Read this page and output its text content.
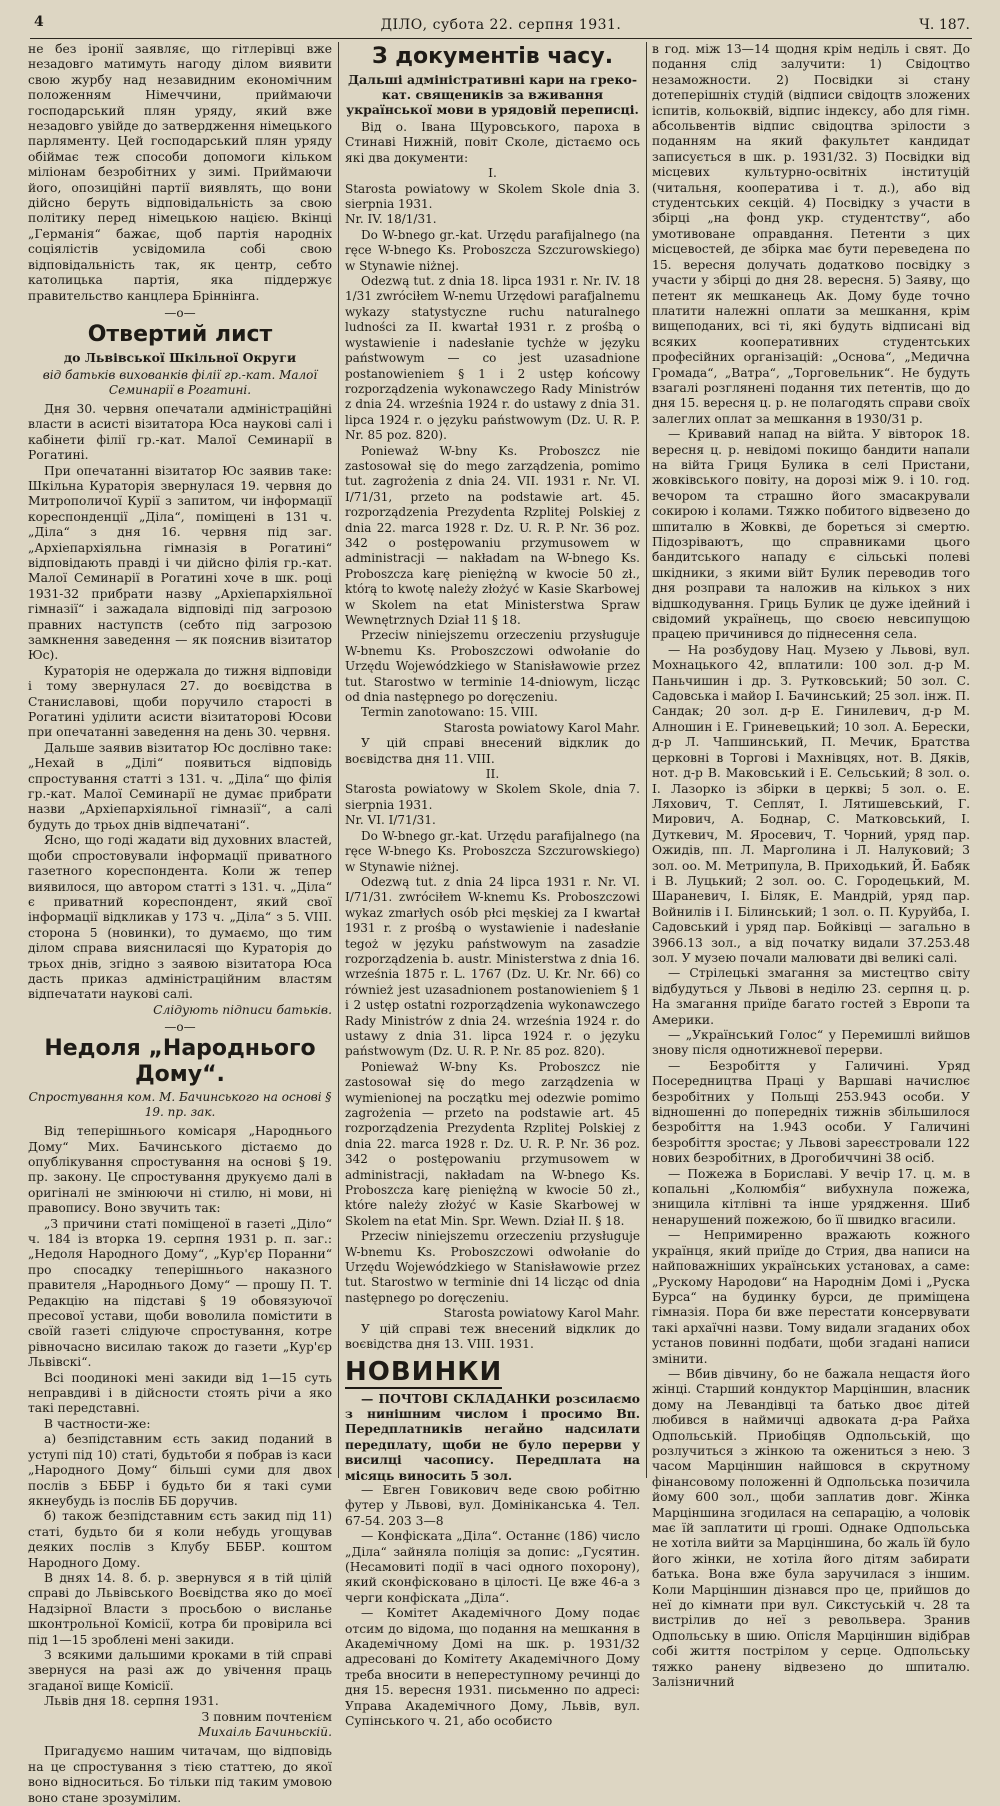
4	ДІЛО, субота 22. серпня 1931.	Ч. 187.

не без іронії заявляє, що гітлерівці вже незадовго матимуть нагоду ділом виявити свою журбу над незавидним економічним положенням Німеччини, приймаючи господарський плян уряду, який вже незадовго увійде до затвердження німецького парляменту. Цей господарський плян уряду обіймає теж способи допомоги кільком міліонам безробітних у зимі. Приймаючи його, опозиційні партії виявлять, що вони дійсно беруть відповідальність за свою політику перед німецькою нацією. Вкінці „Германія“ бажає, щоб партія народніх соціялістів усвідомила собі свою відповідальність так, як центр, себто католицька партія, яка піддержує правительство канцлера Бріннінга.

—о—
Отвертий лист
до Львівської Шкільної Округи
від батьків вихованків філії гр.-кат. Малої Семинарії в Рогатині.

Дня 30. червня опечатали адміністраційні власти в асисті візитатора Юса наукові салі і кабінети філії гр.-кат. Малої Семинарії в Рогатині.

При опечатанні візитатор Юс заявив таке: Шкільна Кураторія звернулася 19. червня до Митрополичої Курії з запитом, чи інформації кореспонденції „Діла“, поміщені в 131 ч. „Діла“ з дня 16. червня під заг. „Архіепархіяльна гімназія в Рогатині“ відповідають правді і чи дійсно філія гр.-кат. Малої Семинарії в Рогатині хоче в шк. році 1931-32 прибрати назву „Архіепархіяльної гімназії“ і зажадала відповіді під загрозою правних наступств (себто під загрозою замкнення заведення — як пояснив візитатор Юс).

Кураторія не одержала до тижня відповіди і тому звернулася 27. до воєвідства в Станиславові, щоби поручило старості в Рогатині уділити асисти візитаторові Юсови при опечатанні заведення на день 30. червня.

Дальше заявив візитатор Юс дослівно таке: „Нехай в „Ділі“ появиться відповідь спростування статті з 131. ч. „Діла“ що філія гр.-кат. Малої Семинарії не думає прибрати назви „Архіепархіяльної гімназії“, а салі будуть до трьох днів відпечатані“.

Ясно, що годі жадати від духовних властей, щоби спростовували інформації приватного газетного кореспондента. Коли ж тепер виявилося, що автором статті з 131. ч. „Діла“ є приватний кореспондент, який свої інформації відкликав у 173 ч. „Діла“ з 5. VIII. сторона 5 (новинки), то думаємо, що тим ділом справа виясниласяі що Кураторія до трьох днів, згідно з заявою візитатора Юса дасть приказ адміністраційним властям відпечатати наукові салі.

Слідують підписи батьків.

—о—
Недоля „Народнього Дому“.
Спростування ком. М. Бачинського на основі § 19. пр. зак.

Від теперішнього комісаря „Народнього Дому“ Мих. Бачинського дістаємо до опублікування спростування на основі § 19. пр. закону. Це спростування друкуємо далі в оригіналі не змінюючи ні стилю, ні мови, ні правопису. Воно звучить так:

„З причини статі поміщеної в газеті „Діло“ ч. 184 із вторка 19. серпня 1931 р. п. заг.: „Недоля Народного Дому“, „Кур'єр Поранни“ про спосадку теперішнього наказного правителя „Народнього Дому“ — прошу П. Т. Редакцію на підставі § 19 обовязуючої пресової устави, щоби воволила помістити в своїй газеті слідуюче спростування, котре рівночасно висилаю також до газети „Кур'єр Львівскі“.

Всі поодинокі мені закиди від 1—15 суть неправдиві і в дійсности стоять річи а яко такі передставні.

В частности-же:

а) безпідставним єсть закид поданий в уступі під 10) статі, будьтоби я побрав із каси „Народного Дому“ більші суми для двох послів з БББР і будьто би я такі суми якнеубудь із послів ББ доручив.

б) також безпідставним єсть закид під 11) статі, будьто би я коли небудь угощував деяких послів з Клубу БББР. коштом Народного Дому.

В днях 14. 8. б. р. звернувся я в тій цілій справі до Львівського Воєвідства яко до моєї Надзірної Власти з просьбою о висланье шконтрольної Комісії, котра би провірила всі під 1—15 зроблені мені закиди.

З всякими дальшими кроками в тій справі звернуся на разі аж до увічення праць згаданої вище Комісії.

Львів дня 18. серпня 1931.

З повним почтенієм

Михаіль Бачиньскій.

Пригадуємо нашим читачам, що відповідь на це спростування з тією статтею, до якої воно відноситься. Бо тільки під таким умовою воно стане зрозумілим.

З документів часу.
Дальші адміністративні кари на греко-кат. священиків за вживання української мови в урядовій переписці.

Від о. Івана Щуровського, пароха в Стинаві Нижній, повіт Сколе, дістаємо ось які два документи:

I.

Starosta powiatowy w Skolem Skole dnia 3. sierpnia 1931.

Nr. IV. 18/1/31.

Do W-bnego gr.-kat. Urzędu parafijalnego (na ręce W-bnego Ks. Proboszcza Szczurowskiego) w Stynawie niżnej.

Odezwą tut. z dnia 18. lipca 1931 r. Nr. IV. 18 1/31 zwróciłem W-nemu Urzędowi parafjalnemu wykazy statystyczne ruchu naturalnego ludności za II. kwartał 1931 r. z prośbą o wystawienie i nadesłanie tychże w języku państwowym — co jest uzasadnione postanowieniem § 1 i 2 ustęp końcowy rozporządzenia wykonawczego Rady Ministrów z dnia 24. września 1924 r. do ustawy z dnia 31. lipca 1924 r. o języku państwowym (Dz. U. R. P. Nr. 85 poz. 820).

Ponieważ W-bny Ks. Proboszcz nie zastosował się do mego zarządzenia, pomimo tut. zagrożenia z dnia 24. VII. 1931 r. Nr. VI. I/71/31, przeto na podstawie art. 45. rozporządzenia Prezydenta Rzplitej Polskiej z dnia 22. marca 1928 r. Dz. U. R. P. Nr. 36 poz. 342 o postępowaniu przymusowem w administracji — nakładam na W-bnego Ks. Proboszcza karę pieniężną w kwocie 50 zł., którą to kwotę należy złożyć w Kasie Skarbowej w Skolem na etat Ministerstwa Spraw Wewnętrznych Dział 11 § 18.

Przeciw niniejszemu orzeczeniu przysługuje W-bnemu Ks. Proboszczowi odwołanie do Urzędu Wojewódzkiego w Stanisławowie przez tut. Starostwo w terminie 14-dniowym, licząc od dnia następnego po doręczeniu.

Termin zanotowano: 15. VIII.

Starosta powiatowy Karol Mahr.

У цій справі внесений відклик до воєвідства дня 11. VIII.

II.

Starosta powiatowy w Skolem Skole, dnia 7. sierpnia 1931.

Nr. VI. I/71/31.

Do W-bnego gr.-kat. Urzędu parafijalnego (na ręce W-bnego Ks. Proboszcza Szczurowskiego) w Stynawie niżnej.

Odezwą tut. z dnia 24 lipca 1931 r. Nr. VI. I/71/31. zwróciłem W-knemu Ks. Proboszczowi wykaz zmarłych osób płci męskiej za I kwartał 1931 r. z prośbą o wystawienie i nadesłanie tegoż w języku państwowym na zasadzie rozporządzenia b. austr. Ministerstwa z dnia 16. września 1875 r. L. 1767 (Dz. U. Kr. Nr. 66) co również jest uzasadnionem postanowieniem § 1 i 2 ustęp ostatni rozporządzenia wykonawczego Rady Ministrów z dnia 24. września 1924 r. do ustawy z dnia 31. lipca 1924 r. o języku państwowym (Dz. U. R. P. Nr. 85 poz. 820).

Ponieważ W-bny Ks. Proboszcz nie zastosował się do mego zarządzenia w wymienionej na początku mej odezwie pomimo zagrożenia — przeto na podstawie art. 45 rozporządzenia Prezydenta Rzplitej Polskiej z dnia 22. marca 1928 r. Dz. U. R. P. Nr. 36 poz. 342 o postępowaniu przymusowem w administracji, nakładam na W-bnego Ks. Proboszcza karę pieniężną w kwocie 50 zł., które należy złożyć w Kasie Skarbowej w Skolem na etat Min. Spr. Wewn. Dział II. § 18.

Przeciw niniejszemu orzeczeniu przysługuje W-bnemu Ks. Proboszczowi odwołanie do Urzędu Wojewódzkiego w Stanisławowie przez tut. Starostwo w terminie dni 14 licząc od dnia następnego po doręczeniu.

Starosta powiatowy Karol Mahr.

У цій справі теж внесений відклик до воєвідства дня 13. VIII. 1931.

НОВИНКИ

— ПОЧТОВІ СКЛАДАНКИ розсилаємо з нинішним числом і просимо Вп. Передплатників негайно надсилати передплату, щоби не було перерви у висилці часопису. Передплата на місяць виносить 5 зол.

— Евген Говикович веде свою робітню футер у Львові, вул. Домініканська 4. Тел. 67-54. 203 3—8

— Конфіската „Діла“. Останнє (186) число „Діла“ зайняла поліція за допис: „Гусятин. (Несамовиті події в часі одного похорону), який сконфісковано в цілості. Це вже 46-а з черги конфіската „Діла“.

— Комітет Академічного Дому подає отсим до відома, що подання на мешкання в Академічному Домі на шк. р. 1931/32 адресовані до Комітету Академічного Дому треба вносити в непереступному речинці до дня 15. вересня 1931. письменно по адресі: Управа Академічного Дому, Львів, вул. Супінського ч. 21, або особисто

в год. між 13—14 щодня крім неділь і свят. До подання слід залучити: 1) Свідоцтво незаможности. 2) Посвідки зі стану дотеперішніх студій (відписи свідоцтв зложених іспитів, кольоквій, відпис індексу, або для гімн. абсольвентів відпис свідоцтва зрілости з поданням на який факультет кандидат записується в шк. р. 1931/32. 3) Посвідки від місцевих культурно-освітніх інституцій (читальня, кооператива і т. д.), або від студентських секцій. 4) Посвідку з участи в збірці „на фонд укр. студентству“, або умотивоване оправдання. Петенти з цих місцевостей, де збірка має бути переведена по 15. вересня долучать додатково посвідку з участи у збірці до дня 28. вересня. 5) Заяву, що петент як мешканець Ак. Дому буде точно платити належні оплати за мешкання, крім вищеподаних, всі ті, які будуть відписані від всяких кооперативних студентських професійних організацій: „Основа“, „Медична Громада“, „Ватра“, „Торговельник“. Не будуть взагалі розглянені подання тих петентів, що до дня 15. вересня ц. р. не полагодять справи своїх залеглих оплат за мешкання в 1930/31 р.

— Кривавий напад на війта. У вівторок 18. вересня ц. р. невідомі покищо бандити напали на війта Гриця Булика в селі Пристани, жовківського повіту, на дорозі між 9. і 10. год. вечором та страшно його змасакрували сокирою і колами. Тяжко побитого відвезено до шпиталю в Жовкві, де бореться зі смертю. Підозріваютъ, що справниками цього бандитського нападу є сільські полеві шкідники, з якими війт Булик переводив того дня розправи та наложив на кількох з них відшкодування. Гриць Булик це дуже ідейний і свідомий українець, що своєю невсипущою працею причинився до піднесення села.

— На розбудову Нац. Музею у Львові, вул. Мохнацького 42, вплатили: 100 зол. д-р М. Паньчишин і др. З. Рутковський; 50 зол. С. Садовська і майор І. Бачинський; 25 зол. інж. П. Сандак; 20 зол. д-р Е. Гинилевич, д-р М. Алношин і Е. Гриневецький; 10 зол. А. Берески, д-р Л. Чапшинський, П. Мечик, Братства церковні в Торгові і Махнівцях, нот. В. Дяків, нот. д-р В. Маковський і Е. Сельський; 8 зол. о. І. Лазорко із збірки в церкві; 5 зол. о. Е. Ляхович, Т. Сеплят, І. Лятишевський, Г. Мирович, А. Боднар, С. Матковський, І. Дуткевич, М. Яросевич, Т. Чорний, уряд пар. Ожидів, пп. Л. Марголина і Л. Налуковий; 3 зол. оо. М. Метрипула, В. Приходький, Й. Бабяк і В. Луцький; 2 зол. оо. С. Городецький, М. Шараневич, І. Біляк, Е. Мандрій, уряд пар. Войнилів і І. Білинський; 1 зол. о. П. Куруйба, І. Садовський і уряд пар. Бойківці — загально в 3966.13 зол., а від початку видали 37.253.48 зол. У музею почали малювати дві великі салі.

— Стрілецькі змагання за мистецтво світу відбудуться у Львові в неділю 23. серпня ц. р. На змагання приїде багато гостей з Европи та Америки.

— „Український Голос“ у Перемишлі вийшов знову після однотижневої перерви.

— Безробіття у Галичині. Уряд Посередництва Праці у Варшаві начислює безробітних у Польщі 253.943 особи. У відношенні до попередніх тижнів збільшилося безробіття на 1.943 особи. У Галичині безробіття зростає; у Львові зареєстровали 122 нових безробітних, в Дрогобиччині 38 осіб.

— Пожежа в Бориславі. У вечір 17. ц. м. в копальні „Колюмбія“ вибухнула пожежа, знищила кітлівні та інше урядження. Шиб ненарушений пожежою, бо її швидко вгасили.

— Непримиренно вражають кожного українця, який приїде до Стрия, два написи на найповажніших українських установах, а саме: „Рускому Народови“ на Народнім Домі і „Руска Бурса“ на будинку бурси, де приміщена гімназія. Пора би вже перестати консервувати такі архаїчні назви. Тому видали згаданих обох установ повинні подбати, щоби згадані написи змінити.

— Вбив дівчину, бо не бажала нещастя його жінці. Старший кондуктор Марціншин, власник дому на Левандівці та батько двоє дітей любився в наймичці адвоката д-ра Райха Одпольській. Приобіцяв Одпольській, що розлучиться з жінкою та ожениться з нею. З часом Марціншин найшовся в скрутному фінансовому положенні й Одпольська позичила йому 600 зол., щоби заплатив довг. Жінка Марціншина згодилася на сепарацію, а чоловік має їй заплатити ці гроші. Однаке Одпольська не хотіла вийти за Марціншина, бо жаль їй було його жінки, не хотіла його дітям забирати батька. Вона вже була заручилася з іншим. Коли Марціншин дізнався про це, прийшов до неї до кімнати при вул. Сикстуській ч. 28 та вистрілив до неї з револьвера. Зранив Одпольську в шию. Опісля Марціншин відібрав собі життя пострілом у серце. Одпольську тяжко ранену відвезено до шпиталю. Залізничний
